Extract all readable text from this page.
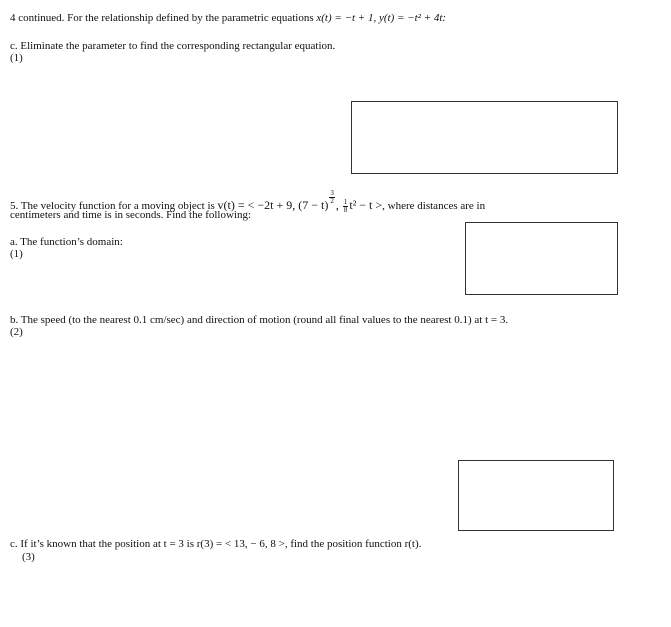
4 continued. For the relationship defined by the parametric equations x(t) = −t + 1, y(t) = −t² + 4t:
c. Eliminate the parameter to find the corresponding rectangular equation.
(1)
5. The velocity function for a moving object is v(t) = < −2t + 9, $(7 - t) \frac{3}{2}$ , $\frac{1}{8} t^2 - t$ >, where distances are in
centimeters and time is in seconds. Find the following:
a. The function’s domain:
(1)
b. The speed (to the nearest 0.1 cm/sec) and direction of motion (round all final values to the nearest 0.1) at t = 3.
(2)
c. If it’s known that the position at t = 3 is r(3) = < 13, − 6, 8 >, find the position function r(t).
(3)
